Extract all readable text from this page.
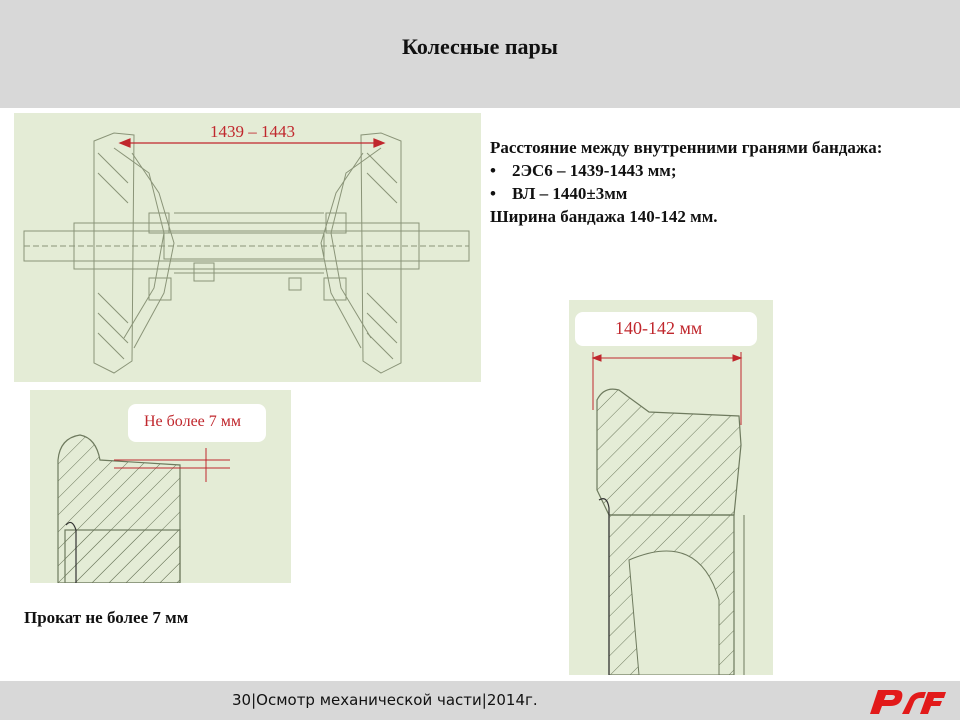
Колесные пары
1439 – 1443
Не более 7 мм
140-142 мм

Расстояние между внутренними гранями бандажа:

• 2ЭС6 – 1439-1443 мм;
• ВЛ – 1440±3мм

Ширина бандажа 140-142 мм.

Прокат не более 7 мм
30|Осмотр механической части|2014г.
